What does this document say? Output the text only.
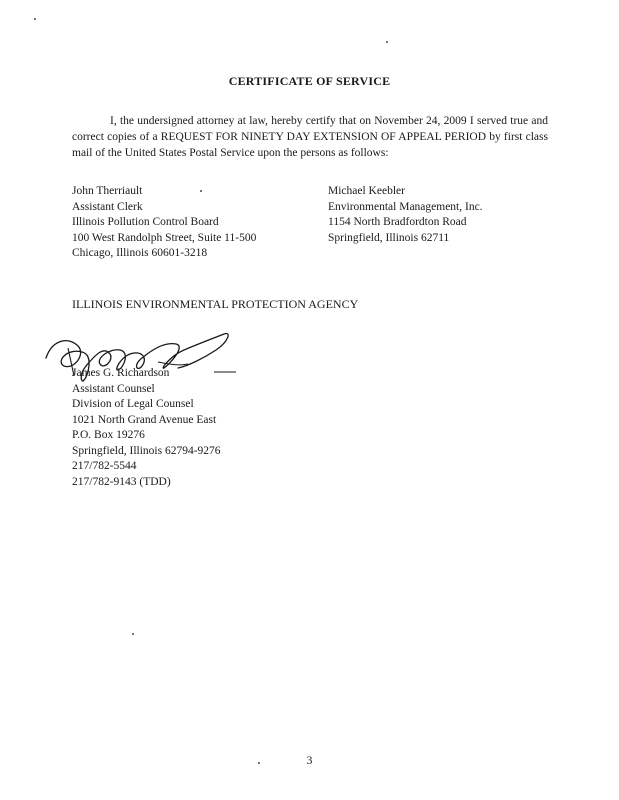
CERTIFICATE OF SERVICE
I, the undersigned attorney at law, hereby certify that on November 24, 2009 I served true and correct copies of a REQUEST FOR NINETY DAY EXTENSION OF APPEAL PERIOD by first class mail of the United States Postal Service upon the persons as follows:
John Therriault
Assistant Clerk
Illinois Pollution Control Board
100 West Randolph Street, Suite 11-500
Chicago, Illinois 60601-3218
Michael Keebler
Environmental Management, Inc.
1154 North Bradfordton Road
Springfield, Illinois 62711
ILLINOIS ENVIRONMENTAL PROTECTION AGENCY
James G. Richardson
Assistant Counsel
Division of Legal Counsel
1021 North Grand Avenue East
P.O. Box 19276
Springfield, Illinois 62794-9276
217/782-5544
217/782-9143 (TDD)
3
